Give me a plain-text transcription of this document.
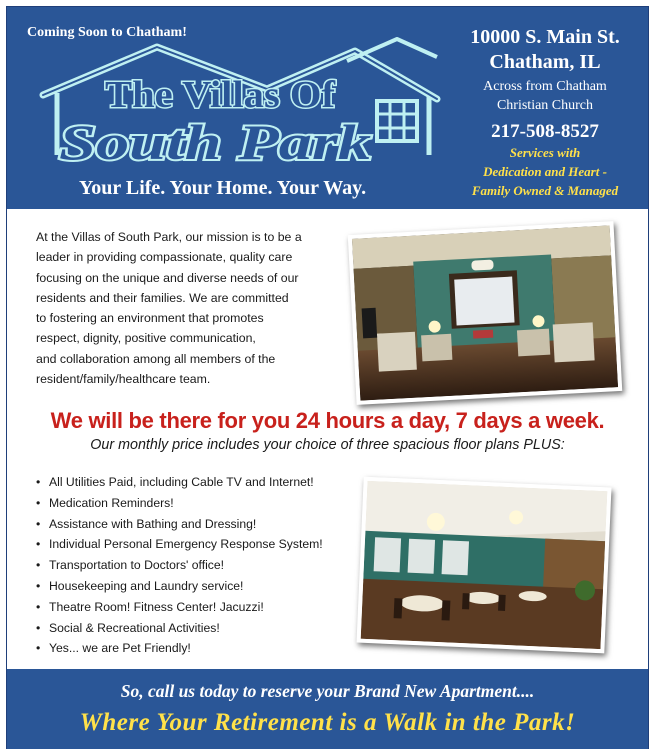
Coming Soon to Chatham!
The Villas Of
South Park
Your Life. Your Home. Your Way.
10000 S. Main St.
Chatham, IL
Across from Chatham
Christian Church
217-508-8527
Services with
Dedication and Heart -
Family Owned & Managed
At the Villas of South Park, our mission is to be a
leader in providing compassionate, quality care
focusing on the unique and diverse needs of our
residents and their families. We are committed
to fostering an environment that promotes
respect, dignity, positive communication,
and collaboration among all members of the
resident/family/healthcare team.
We will be there for you 24 hours a day, 7 days a week.
Our monthly price includes your choice of three spacious floor plans PLUS:
• All Utilities Paid, including Cable TV and Internet!
• Medication Reminders!
• Assistance with Bathing and Dressing!
• Individual Personal Emergency Response System!
• Transportation to Doctors' office!
• Housekeeping and Laundry service!
• Theatre Room! Fitness Center! Jacuzzi!
• Social & Recreational Activities!
• Yes... we are Pet Friendly!
So, call us today to reserve your Brand New Apartment....
Where Your Retirement is a Walk in the Park!
